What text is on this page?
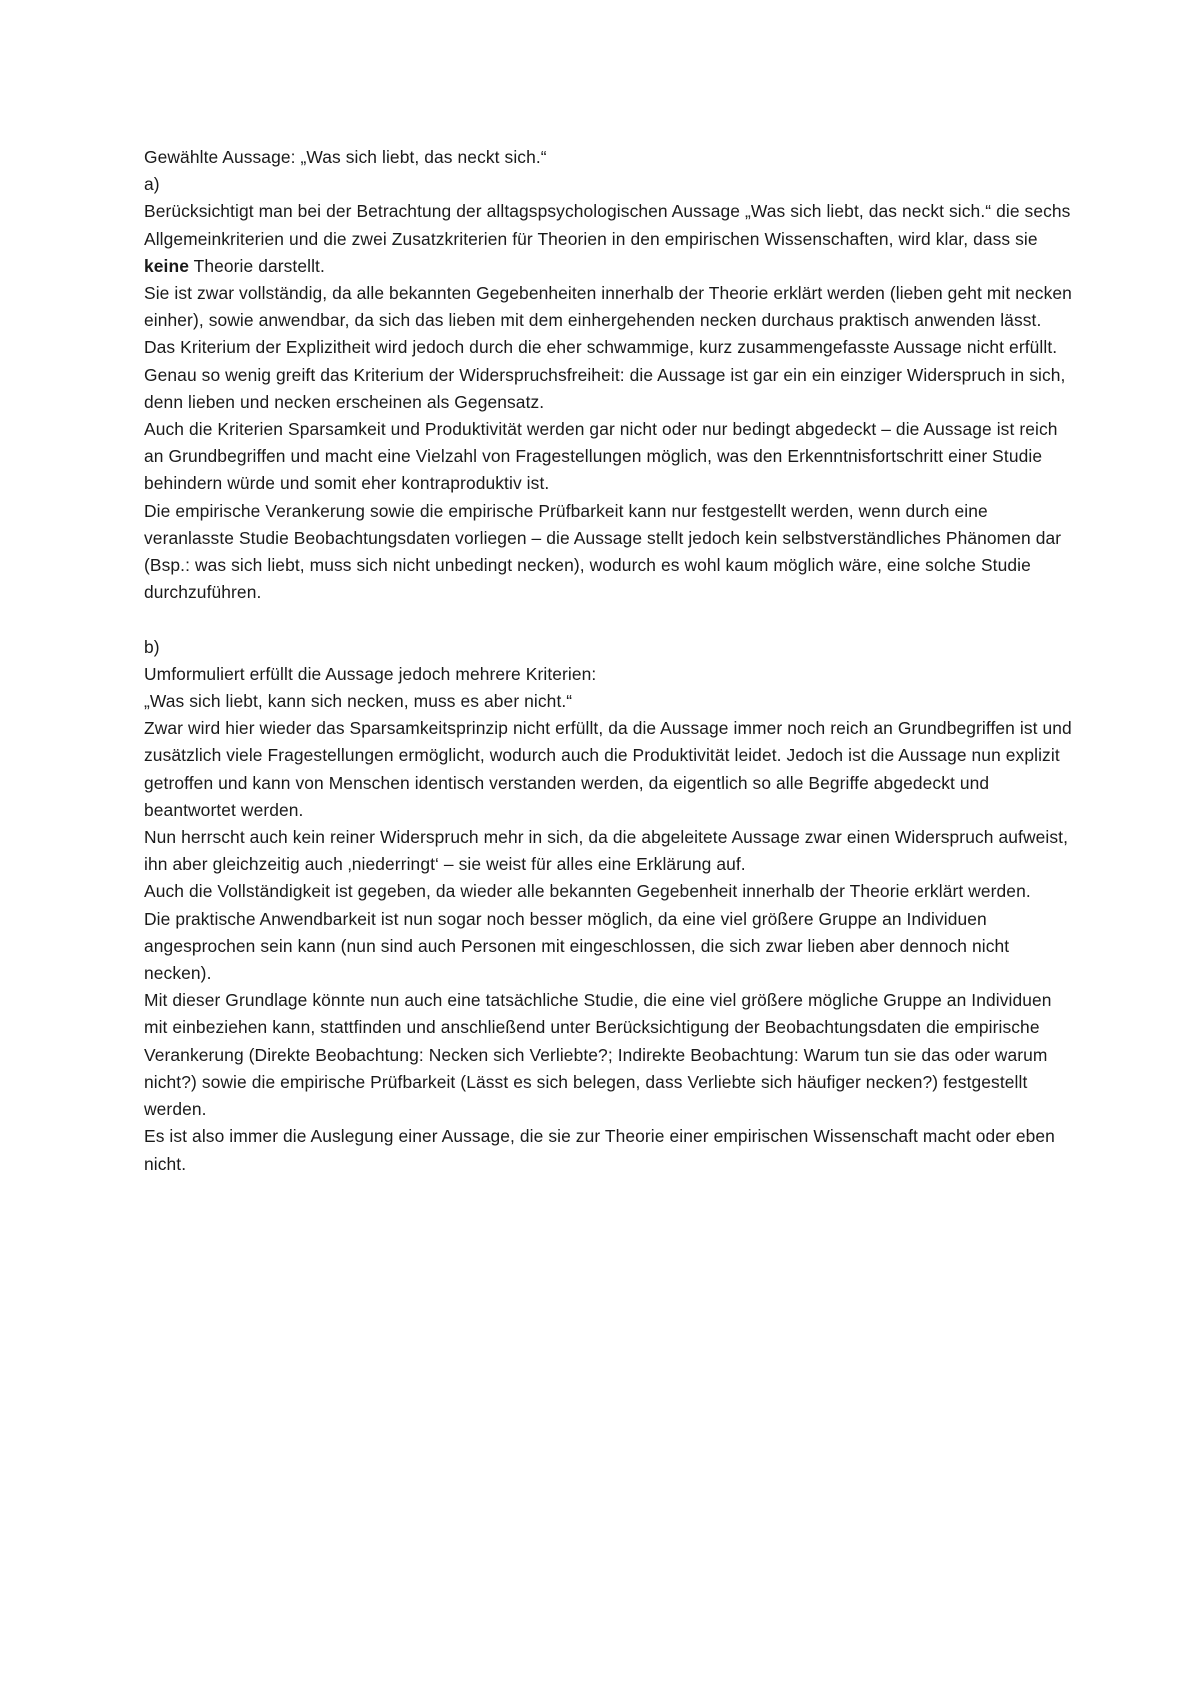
Gewählte Aussage: „Was sich liebt, das neckt sich.“

a)

Berücksichtigt man bei der Betrachtung der alltagspsychologischen Aussage „Was sich liebt, das neckt sich.“ die sechs Allgemeinkriterien und die zwei Zusatzkriterien für Theorien in den empirischen Wissenschaften, wird klar, dass sie keine Theorie darstellt.

Sie ist zwar vollständig, da alle bekannten Gegebenheiten innerhalb der Theorie erklärt werden (lieben geht mit necken einher), sowie anwendbar, da sich das lieben mit dem einhergehenden necken durchaus praktisch anwenden lässt.

Das Kriterium der Explizitheit wird jedoch durch die eher schwammige, kurz zusammengefasste Aussage nicht erfüllt. Genau so wenig greift das Kriterium der Widerspruchsfreiheit: die Aussage ist gar ein ein einziger Widerspruch in sich, denn lieben und necken erscheinen als Gegensatz.

Auch die Kriterien Sparsamkeit und Produktivität werden gar nicht oder nur bedingt abgedeckt – die Aussage ist reich an Grundbegriffen und macht eine Vielzahl von Fragestellungen möglich, was den Erkenntnisfortschritt einer Studie behindern würde und somit eher kontraproduktiv ist.

Die empirische Verankerung sowie die empirische Prüfbarkeit kann nur festgestellt werden, wenn durch eine veranlasste Studie Beobachtungsdaten vorliegen – die Aussage stellt jedoch kein selbstverständliches Phänomen dar (Bsp.: was sich liebt, muss sich nicht unbedingt necken), wodurch es wohl kaum möglich wäre, eine solche Studie durchzuführen.

b)

Umformuliert erfüllt die Aussage jedoch mehrere Kriterien:

„Was sich liebt, kann sich necken, muss es aber nicht.“

Zwar wird hier wieder das Sparsamkeitsprinzip nicht erfüllt, da die Aussage immer noch reich an Grundbegriffen ist und zusätzlich viele Fragestellungen ermöglicht, wodurch auch die Produktivität leidet. Jedoch ist die Aussage nun explizit getroffen und kann von Menschen identisch verstanden werden, da eigentlich so alle Begriffe abgedeckt und beantwortet werden.

Nun herrscht auch kein reiner Widerspruch mehr in sich, da die abgeleitete Aussage zwar einen Widerspruch aufweist, ihn aber gleichzeitig auch ‚niederringt‘ – sie weist für alles eine Erklärung auf.

Auch die Vollständigkeit ist gegeben, da wieder alle bekannten Gegebenheit innerhalb der Theorie erklärt werden.

Die praktische Anwendbarkeit ist nun sogar noch besser möglich, da eine viel größere Gruppe an Individuen angesprochen sein kann (nun sind auch Personen mit eingeschlossen, die sich zwar lieben aber dennoch nicht necken).

Mit dieser Grundlage könnte nun auch eine tatsächliche Studie, die eine viel größere mögliche Gruppe an Individuen mit einbeziehen kann, stattfinden und anschließend unter Berücksichtigung der Beobachtungsdaten die empirische Verankerung (Direkte Beobachtung: Necken sich Verliebte?; Indirekte Beobachtung: Warum tun sie das oder warum nicht?) sowie die empirische Prüfbarkeit (Lässt es sich belegen, dass Verliebte sich häufiger necken?) festgestellt werden.

Es ist also immer die Auslegung einer Aussage, die sie zur Theorie einer empirischen Wissenschaft macht oder eben nicht.
